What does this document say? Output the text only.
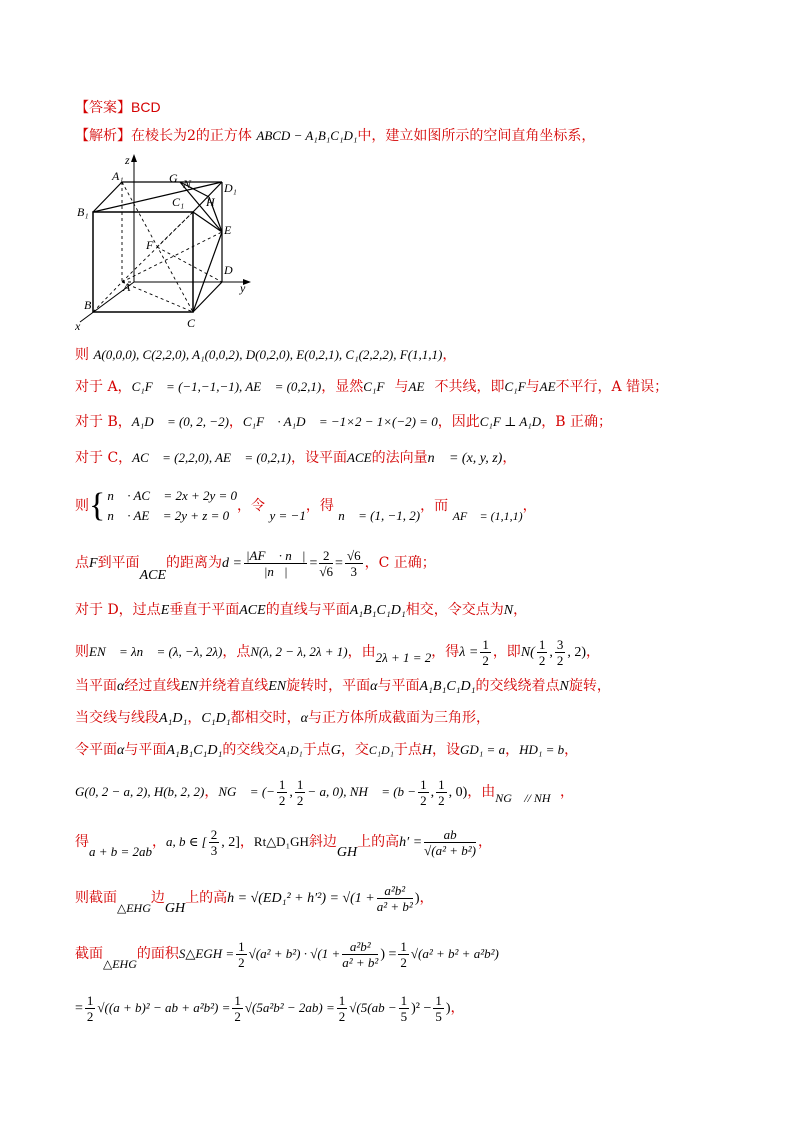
【答案】BCD
【解析】在棱长为2的正方体 ABCD − A₁B₁C₁D₁中，建立如图所示的空间直角坐标系，
z
A₁	G N	D₁
C₁ H
B₁
E
F
D
A	y
B
C
x
则 A(0,0,0), C(2,2,0), A₁(0,0,2), D(0,2,0), E(0,2,1), C₁(2,2,2), F(1,1,1)，
对于 A，C₁F⃗ = (−1,−1,−1), AE⃗ = (0,2,1)，显然C₁F⃗与AE⃗不共线，即C₁F与AE不平行，A 错误；
对于 B，A₁D⃗ = (0, 2, −2)，C₁F⃗ · A₁D⃗ = −1×2 − 1×(−2) = 0，因此C₁F ⊥ A₁D，B 正确；
对于 C，AC⃗ = (2,2,0), AE⃗ = (0,2,1)，设平面ACE的法向量n⃗ = (x, y, z)，
则{ n⃗ · AC⃗ = 2x + 2y = 0
n⃗ · AE⃗ = 2y + z = 0
，令 y = −1，得 n⃗ = (1, −1, 2)，而 AF⃗ = (1,1,1)，
点F到平面ACE的距离为$d = \frac{|AF⃗ \cdot n⃗|}{|n⃗|} = \frac{2}{√6} = \frac{√6}{3}$ ，C 正确；
对于 D，过点E垂直于平面ACE的直线与平面A₁B₁C₁D₁相交，令交点为N，
则EN⃗ = λn⃗ = (λ, −λ, 2λ)，点N(λ, 2 − λ, 2λ + 1)，由2λ + 1 = 2，得$\lambda = \frac{1}{2}$ ，即$N( \frac{1}{2}$ , $\frac{3}{2}$ , 2)，
当平面α经过直线EN并绕着直线EN旋转时，平面α与平面A₁B₁C₁D₁的交线绕着点N旋转，
当交线与线段A₁D₁，C₁D₁都相交时，α与正方体所成截面为三角形，
令平面α与平面A₁B₁C₁D₁的交线交A₁D₁于点G，交C₁D₁于点H，设GD₁ = a，HD₁ = b，
G(0, 2 − a, 2), H(b, 2, 2)，NG⃗ = (− $\frac{1}{2}$ , $\frac{1}{2} - a$, 0), NH⃗ = ($b - \frac{1}{2}$ , $\frac{1}{2}$ , 0)，由NG⃗ // NH⃗，
得a + b = 2ab，a, b ∈ [ $\frac{2}{3}$ , 2]，Rt△D₁GH斜边GH上的高$h' = \frac{ab}{\text{√(a² + b²)}}$ ，
则截面△EHG边GH上的高$h = √(ED_1^2 + h'^2) = √(1 + \frac{\text{a²b²}}{\text{a² + b²}}$ )，
截面△EHG的面积S△EGH = $\frac{1}{2} √(a^2 + b^2) \cdot √(1 + \frac{\text{a²b²}}{\text{a² + b²}}$ ) = $\frac{1}{2} √(a^2 + b^2 + a^2b^2)$
= $\frac{1}{2} √((a + b)^2$ − ab + $a^2b^2) = \frac{1}{2} √(5a^2b^2 - 2ab) = \frac{1}{2} √(5(ab - \frac{1}{5} )^2 - \frac{1}{5}$ )，
